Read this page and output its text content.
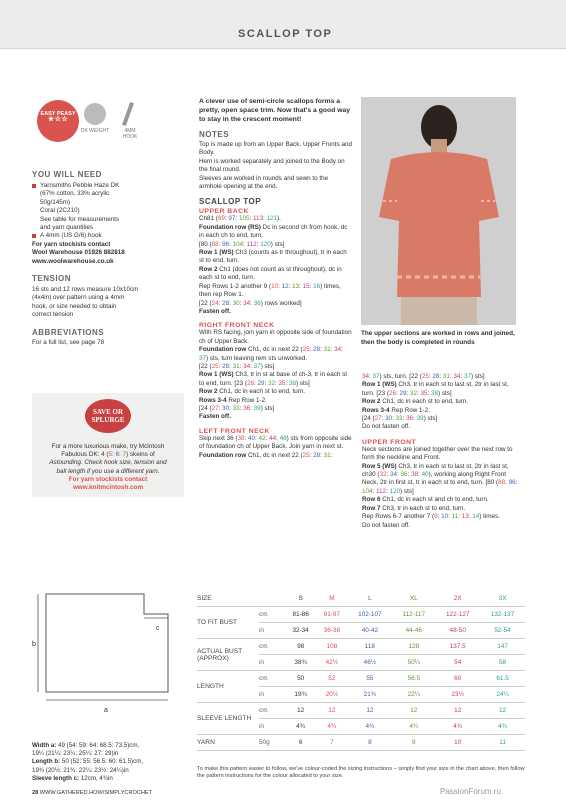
SCALLOP TOP
EASY PEASY
★☆☆
DK WEIGHT	4MM HOOK
YOU WILL NEED
Yarnsmiths Pebble Haze DK
(67% cotton, 33% acrylic
50g/145m)
Coral (2C210)
See table for measurements
and yarn quantities
A 4mm (US G/6) hook
For yarn stockists contact
Wool Warehouse 01926 882818
www.woolwarehouse.co.uk
TENSION
16 sts and 12 rows measure 10x10cm
(4x4in) over pattern using a 4mm
hook, or size needed to obtain
correct tension
ABBREVIATIONS
For a full list, see page 78
SAVE OR
SPLURGE
For a more luxurious make, try McIntosh
Fabulous DK: 4 (5: 6: 7) skeins of
Astounding. Check hook size, tension and
ball length if you use a different yarn.
For yarn stockists contact
www.knitmcintosh.com
A clever use of semi-circle scallops forms a pretty, open space trim. Now that's a good way to stay in the crescent moment!
NOTES
Top is made up from an Upper Back, Upper Fronts and Body.
Hem is worked separately and joined to the Body on the final round.
Sleeves are worked in rounds and sewn to the armhole opening at the end.
SCALLOP TOP
UPPER BACK
Ch81 (89: 97: 105: 113: 121).
Foundation row (RS) Dc in second ch from hook, dc in each ch to end, turn.
[80 (88: 96: 104: 112: 120) sts]
Row 1 (WS) Ch3 (counts as tr throughout), tr in each st to end, turn.
Row 2 Ch1 (does not count as st throughout), dc in each st to end, turn.
Rep Rows 1-2 another 9 (10: 12: 13: 15: 16) times, then rep Row 1.
[22 (24: 28: 30: 34: 36) rows worked]
Fasten off.
RIGHT FRONT NECK
With RS facing, join yarn in opposite side of foundation ch of Upper Back.
Foundation row Ch1, dc in next 22 (25: 28: 31: 34: 37) sts, turn leaving rem sts unworked.
[22 (25: 28: 31: 34: 37) sts]
Row 1 (WS) Ch3, tr in st at base of ch-3, tr in each st to end, turn. [23 (26: 29: 32: 35: 38) sts]
Row 2 Ch1, dc in each st to end, turn.
Rows 3-4 Rep Row 1-2.
[24 (27: 30: 33: 36: 39) sts]
Fasten off.
LEFT FRONT NECK
Skip next 36 (38: 40: 42: 44: 46) sts from opposite side of foundation ch of Upper Back. Join yarn in next st.
Foundation row Ch1, dc in next 22 (25: 28: 31:
The upper sections are worked in rows and joined, then the body is completed in rounds
34: 37) sts, turn. [22 (25: 28: 31: 34: 37) sts]
Row 1 (WS) Ch3, tr in each st to last st, 2tr in last st, turn. [23 (26: 29: 32: 35: 38) sts]
Row 2 Ch1, dc in each st to end, turn.
Rows 3-4 Rep Row 1-2.
[24 (27: 30: 33: 36: 39) sts]
Do not fasten off.
UPPER FRONT
Neck sections are joined together over the next row to form the neckline and Front.
Row 5 (WS) Ch3, tr in each st to last st, 2tr in last st, ch30 (32: 34: 36: 38: 40), working along Right Front Neck, 2tr in first st, tr in each st to end, turn. [80 (88: 96: 104: 112: 120) sts]
Row 6 Ch1, dc in each st and ch to end, turn.
Row 7 Ch3, tr in each st to end, turn.
Rep Rows 6-7 another 7 (8: 10: 11: 13: 14) times.
Do not fasten off.
b
a
c
Width a: 49 (54: 59: 64: 68.5: 73.5)cm,
19¼ (21¼: 23¼: 25¼: 27: 29)in
Length b: 50 (52: 55: 56.5: 60: 61.5)cm,
19¾ (20½: 21¾: 22¼: 23½: 24¼)in
Sleeve length c: 12cm, 4¾in
SIZE		S	M	L	XL	2X	3X
TO FIT BUST	cm	81-86	91-97	102-107	112-117	122-127	132-137
	in	32-34	36-38	40-42	44-46	48-50	52-54

ACTUAL BUST
(APPROX)	cm	98	108	118	128	137.5	147
	in	38¾	42½	46½	50¼	54	58
LENGTH	cm	50	52	55	56.5	60	61.5
	in	19¾	20½	21¾	22¼	23½	24¼
SLEEVE LENGTH	cm	12	12	12	12	12	12
	in	4¾	4¾	4¾	4¾	4¾	4¾
YARN	50g	6	7	8	9	10	11
To make this pattern easier to follow, we've colour-coded the sizing instructions – simply find your size in the chart above, then follow the pattern instructions for the colour allocated to your size.
28 WWW.GATHERED.HOW/SIMPLYCROCHET	PassionForum.ru
